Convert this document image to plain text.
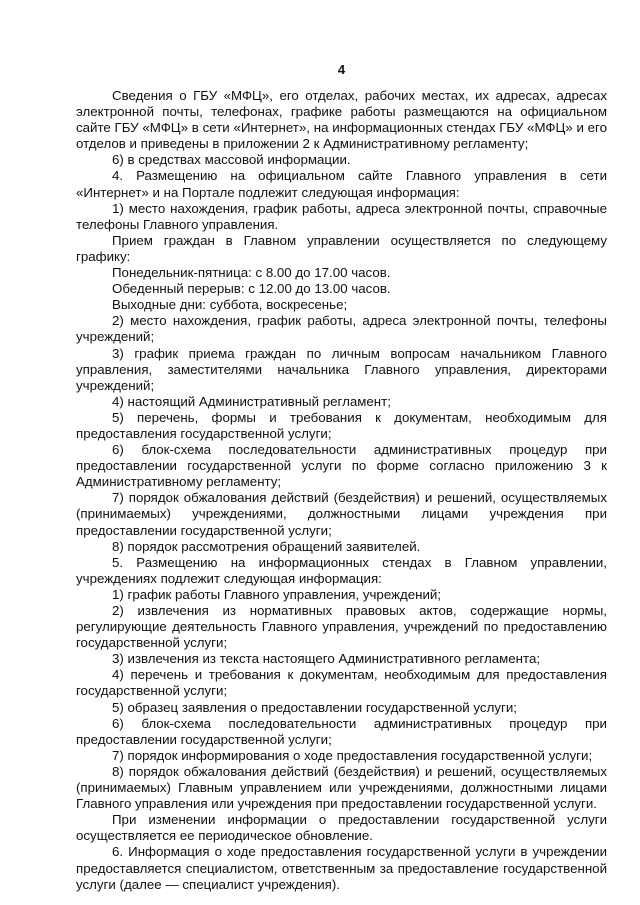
4

Сведения о ГБУ «МФЦ», его отделах, рабочих местах, их адресах, адресах электронной почты, телефонах, графике работы размещаются на официальном сайте ГБУ «МФЦ» в сети «Интернет», на информационных стендах ГБУ «МФЦ» и его отделов и приведены в приложении 2 к Административному регламенту;

6) в средствах массовой информации.

4. Размещению на официальном сайте Главного управления в сети «Интернет» и на Портале подлежит следующая информация:

1) место нахождения, график работы, адреса электронной почты, справочные телефоны Главного управления.

Прием граждан в Главном управлении осуществляется по следующему графику:

Понедельник-пятница: с 8.00 до 17.00 часов.

Обеденный перерыв: с 12.00 до 13.00 часов.

Выходные дни: суббота, воскресенье;

2) место нахождения, график работы, адреса электронной почты, телефоны учреждений;

3) график приема граждан по личным вопросам начальником Главного управления, заместителями начальника Главного управления, директорами учреждений;

4) настоящий Административный регламент;

5) перечень, формы и требования к документам, необходимым для предоставления государственной услуги;

6) блок-схема последовательности административных процедур при предоставлении государственной услуги по форме согласно приложению 3 к Административному регламенту;

7) порядок обжалования действий (бездействия) и решений, осуществляемых (принимаемых) учреждениями, должностными лицами учреждения при предоставлении государственной услуги;

8) порядок рассмотрения обращений заявителей.

5. Размещению на информационных стендах в Главном управлении, учреждениях подлежит следующая информация:

1) график работы Главного управления, учреждений;

2) извлечения из нормативных правовых актов, содержащие нормы, регулирующие деятельность Главного управления, учреждений по предоставлению государственной услуги;

3) извлечения из текста настоящего Административного регламента;

4) перечень и требования к документам, необходимым для предоставления государственной услуги;

5) образец заявления о предоставлении государственной услуги;

6) блок-схема последовательности административных процедур при предоставлении государственной услуги;

7) порядок информирования о ходе предоставления государственной услуги;

8) порядок обжалования действий (бездействия) и решений, осуществляемых (принимаемых) Главным управлением или учреждениями, должностными лицами Главного управления или учреждения при предоставлении государственной услуги.

При изменении информации о предоставлении государственной услуги осуществляется ее периодическое обновление.

6. Информация о ходе предоставления государственной услуги в учреждении предоставляется специалистом, ответственным за предоставление государственной услуги (далее — специалист учреждения).
